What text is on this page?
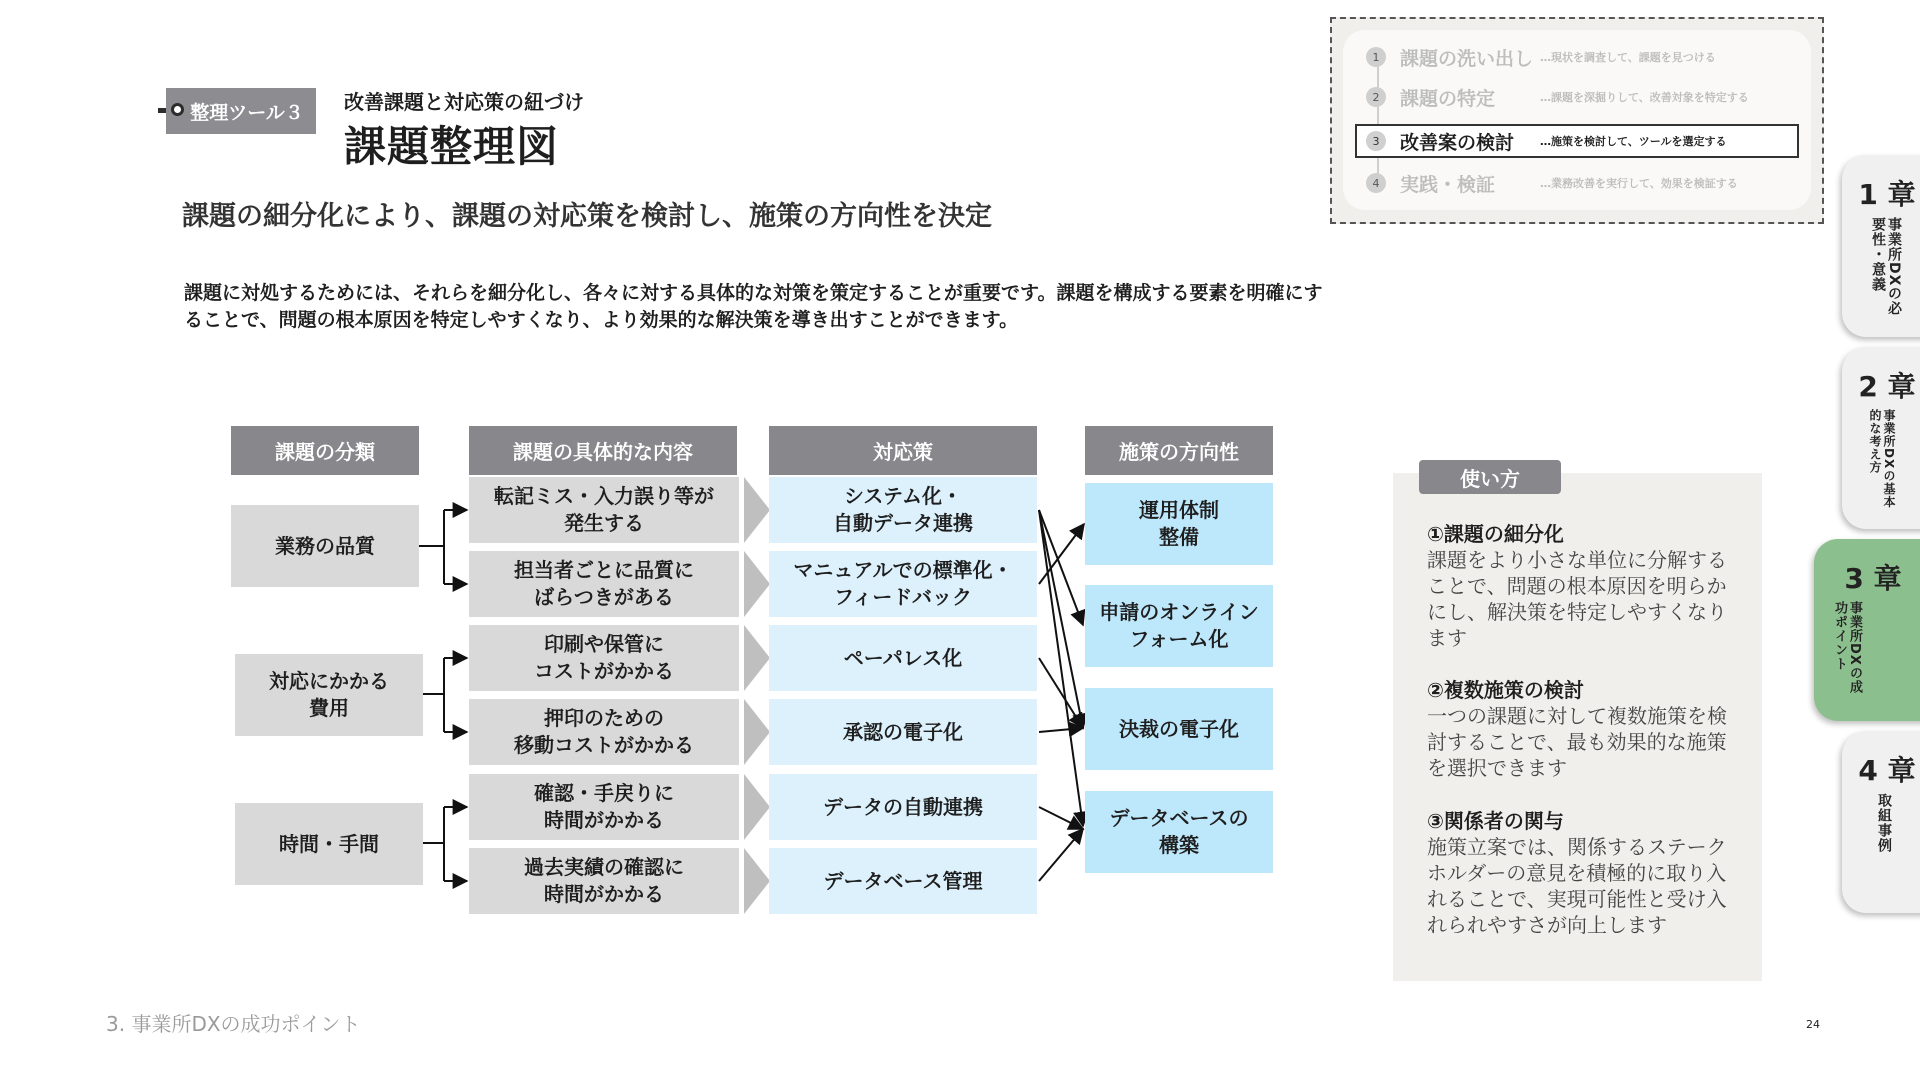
整理ツール３	改善課題と対応策の紐づけ
課題整理図
課題の細分化により、課題の対応策を検討し、施策の方向性を決定
課題に対処するためには、それらを細分化し、各々に対する具体的な対策を策定することが重要です。課題を構成する要素を明確にすることで、問題の根本原因を特定しやすくなり、より効果的な解決策を導き出すことができます。
1	課題の洗い出し …現状を調査して、課題を見つける
2	課題の特定	…課題を深掘りして、改善対象を特定する
3	改善案の検討	…施策を検討して、ツールを選定する
4	実践・検証	…業務改善を実行して、効果を検証する	1 章
事業所DXの必要性・意義
2 章
事業所DXの基本的な考え方
3 章
事業所DXの成功ポイント
4 章
取組事例
課題の分類	課題の具体的な内容	対応策	施策の方向性
業務の品質
対応にかかる
費用
時間・手間
転記ミス・入力誤り等が
発生する
担当者ごとに品質に
ばらつきがある
印刷や保管に
コストがかかる
押印のための
移動コストがかかる
確認・手戻りに
時間がかかる
過去実績の確認に
時間がかかる
システム化・
自動データ連携
マニュアルでの標準化・
フィードバック
ペーパレス化
承認の電子化
データの自動連携
データベース管理
運用体制
整備
申請のオンライン
フォーム化
決裁の電子化
データベースの
構築
使い方
①課題の細分化
課題をより小さな単位に分解することで、問題の根本原因を明らかにし、解決策を特定しやすくなります
②複数施策の検討
一つの課題に対して複数施策を検討することで、最も効果的な施策を選択できます
③関係者の関与
施策立案では、関係するステークホルダーの意見を積極的に取り入れることで、実現可能性と受け入れられやすさが向上します
3. 事業所DXの成功ポイント	24
